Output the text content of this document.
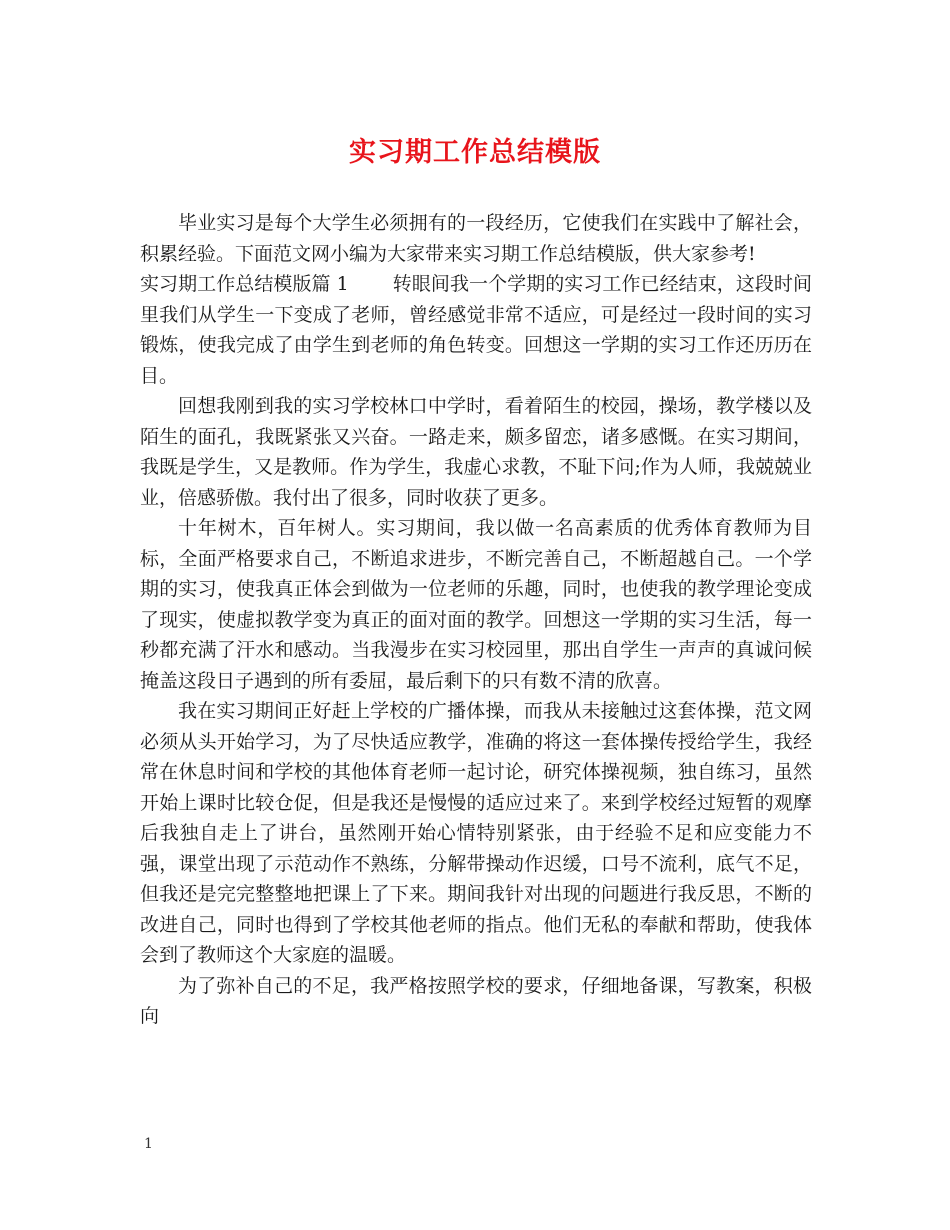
实习期工作总结模版

毕业实习是每个大学生必须拥有的一段经历，它使我们在实践中了解社会，积累经验。下面范文网小编为大家带来实习期工作总结模版，供大家参考!

实习期工作总结模版篇 1 转眼间我一个学期的实习工作已经结束，这段时间里我们从学生一下变成了老师，曾经感觉非常不适应，可是经过一段时间的实习锻炼，使我完成了由学生到老师的角色转变。回想这一学期的实习工作还历历在目。

回想我刚到我的实习学校林口中学时，看着陌生的校园，操场，教学楼以及陌生的面孔，我既紧张又兴奋。一路走来，颇多留恋，诸多感慨。在实习期间，我既是学生，又是教师。作为学生，我虚心求教，不耻下问;作为人师，我兢兢业业，倍感骄傲。我付出了很多，同时收获了更多。

十年树木，百年树人。实习期间，我以做一名高素质的优秀体育教师为目标，全面严格要求自己，不断追求进步，不断完善自己，不断超越自己。一个学期的实习，使我真正体会到做为一位老师的乐趣，同时，也使我的教学理论变成了现实，使虚拟教学变为真正的面对面的教学。回想这一学期的实习生活，每一秒都充满了汗水和感动。当我漫步在实习校园里，那出自学生一声声的真诚问候掩盖这段日子遇到的所有委屈，最后剩下的只有数不清的欣喜。

我在实习期间正好赶上学校的广播体操，而我从未接触过这套体操，范文网必须从头开始学习，为了尽快适应教学，准确的将这一套体操传授给学生，我经常在休息时间和学校的其他体育老师一起讨论，研究体操视频，独自练习，虽然开始上课时比较仓促，但是我还是慢慢的适应过来了。来到学校经过短暂的观摩后我独自走上了讲台，虽然刚开始心情特别紧张，由于经验不足和应变能力不强，课堂出现了示范动作不熟练，分解带操动作迟缓，口号不流利，底气不足，但我还是完完整整地把课上了下来。期间我针对出现的问题进行我反思，不断的改进自己，同时也得到了学校其他老师的指点。他们无私的奉献和帮助，使我体会到了教师这个大家庭的温暖。

为了弥补自己的不足，我严格按照学校的要求，仔细地备课，写教案，积极向

1
